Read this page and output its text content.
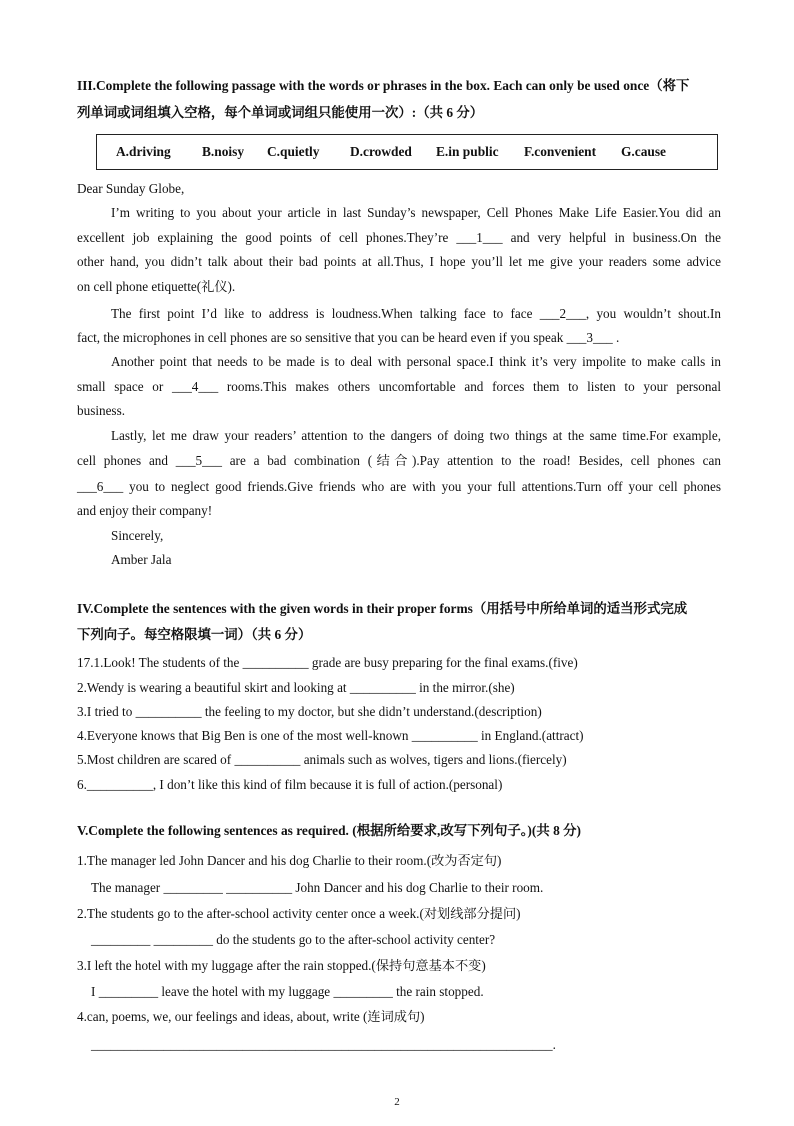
III.Complete the following passage with the words or phrases in the box. Each can only be used once（将下
列单词或词组填入空格，每个单词或词组只能使用一次）:（共 6 分）
A.driving B.noisy C.quietly D.crowded E.in public F.convenient G.cause
Dear Sunday Globe,
I’m writing to you about your article in last Sunday’s newspaper, Cell Phones Make Life Easier.You did an
excellent job explaining the good points of cell phones.They’re ___1___ and very helpful in business.On the
other hand, you didn’t talk about their bad points at all.Thus, I hope you’ll let me give your readers some advice
on cell phone etiquette(礼仪).
The first point I’d like to address is loudness.When talking face to face ___2___, you wouldn’t shout.In
fact, the microphones in cell phones are so sensitive that you can be heard even if you speak ___3___ .
Another point that needs to be made is to deal with personal space.I think it’s very impolite to make calls in
small space or ___4___ rooms.This makes others uncomfortable and forces them to listen to your personal
business.
Lastly, let me draw your readers’ attention to the dangers of doing two things at the same time.For example,
cell phones and ___5___ are a bad combination (结合).Pay attention to the road! Besides, cell phones can
___6___ you to neglect good friends.Give friends who are with you your full attentions.Turn off your cell phones
and enjoy their company!
Sincerely,
Amber Jala
IV.Complete the sentences with the given words in their proper forms（用括号中所给单词的适当形式完成
下列向子。每空格限填一词）（共 6 分）
17.1.Look! The students of the __________ grade are busy preparing for the final exams.(five)
2.Wendy is wearing a beautiful skirt and looking at __________ in the mirror.(she)
3.I tried to __________ the feeling to my doctor, but she didn’t understand.(description)
4.Everyone knows that Big Ben is one of the most well-known __________ in England.(attract)
5.Most children are scared of __________ animals such as wolves, tigers and lions.(fiercely)
6.__________, I don’t like this kind of film because it is full of action.(personal)
V.Complete the following sentences as required. (根据所给要求,改写下列句子。)(共 8 分)
1.The manager led John Dancer and his dog Charlie to their room.(改为否定句)
The manager _________ __________ John Dancer and his dog Charlie to their room.
2.The students go to the after-school activity center once a week.(对划线部分提问)
_________ _________ do the students go to the after-school activity center?
3.I left the hotel with my luggage after the rain stopped.(保持句意基本不变)
I _________ leave the hotel with my luggage _________ the rain stopped.
4.can, poems, we, our feelings and ideas, about, write (连词成句)
______________________________________________________________________.
2
